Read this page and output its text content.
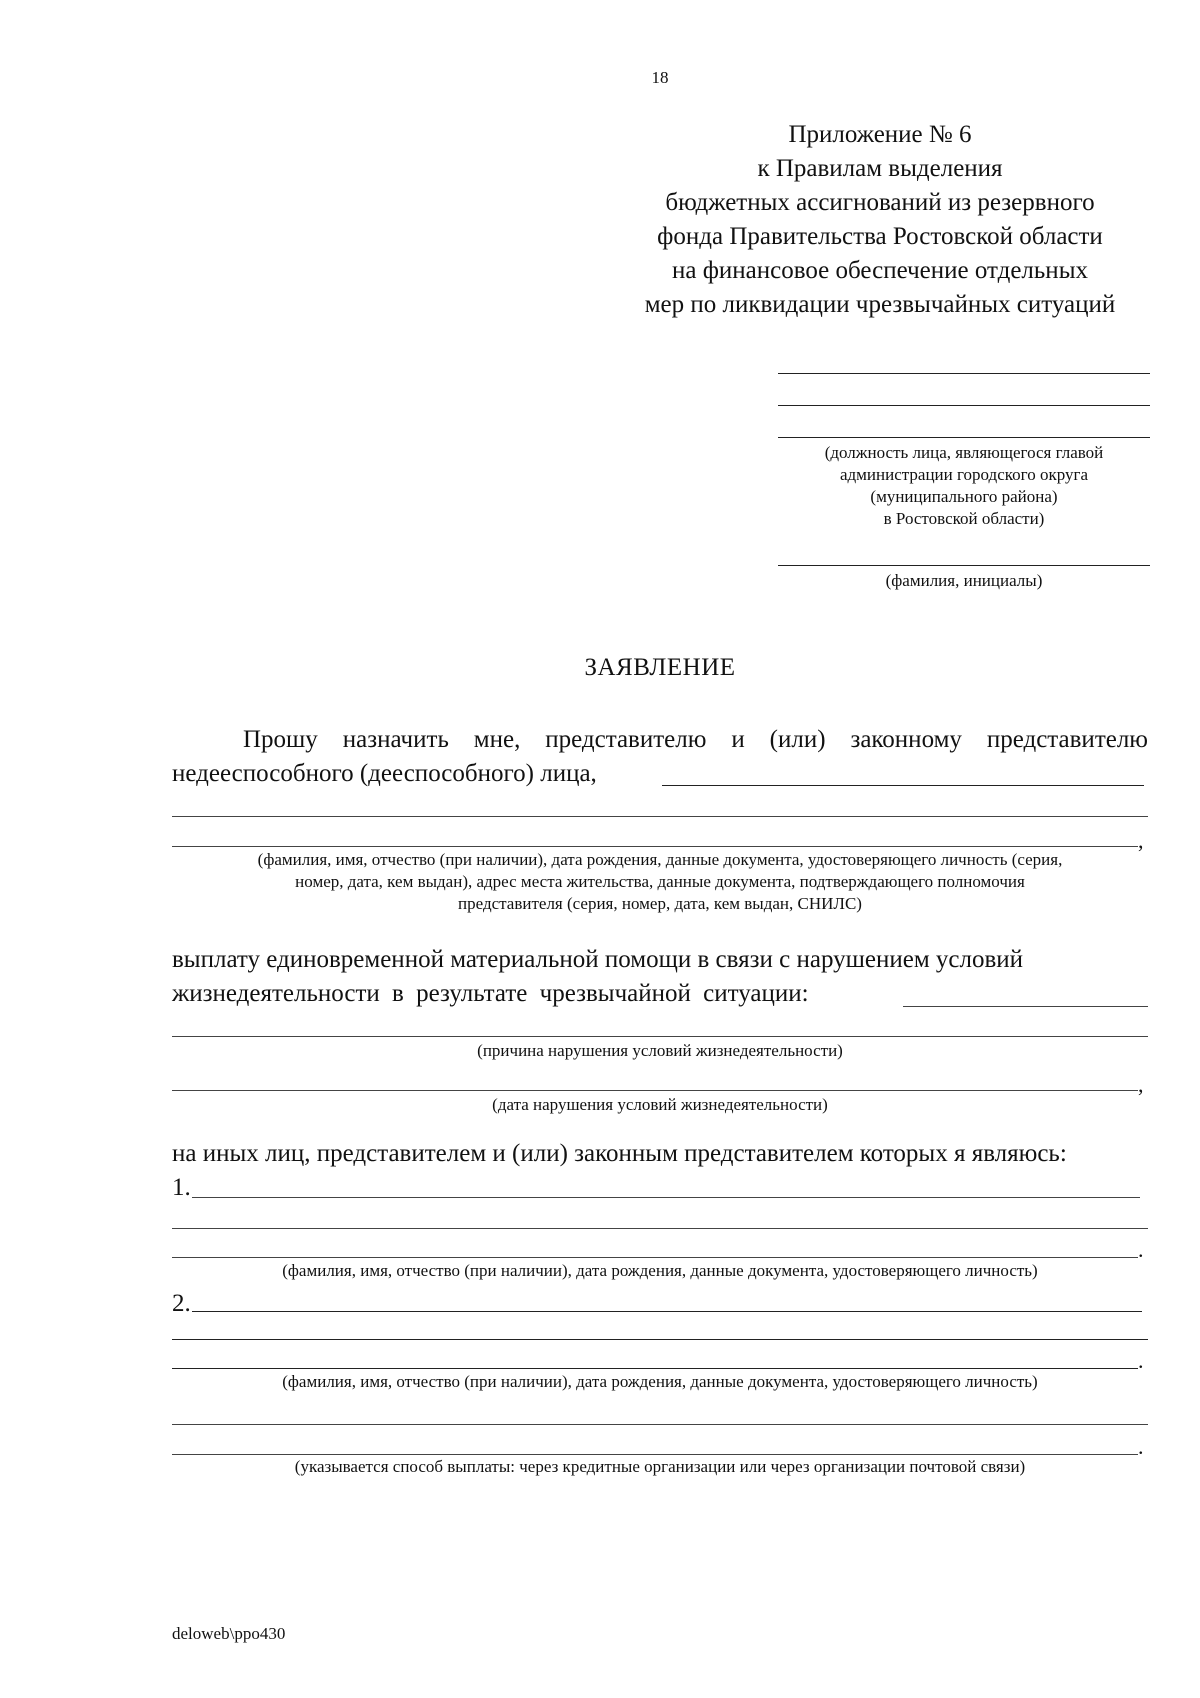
18
Приложение № 6
к Правилам выделения
бюджетных ассигнований из резервного
фонда Правительства Ростовской области
на финансовое обеспечение отдельных
мер по ликвидации чрезвычайных ситуаций
(должность лица, являющегося главой
администрации городского округа
(муниципального района)
в Ростовской области)
(фамилия, инициалы)
ЗАЯВЛЕНИЕ
Прошу назначить мне, представителю и (или) законному представителю
недееспособного (дееспособного) лица,
,
(фамилия, имя, отчество (при наличии), дата рождения, данные документа, удостоверяющего личность (серия,
номер, дата, кем выдан), адрес места жительства, данные документа, подтверждающего полномочия
представителя (серия, номер, дата, кем выдан, СНИЛС)
выплату единовременной материальной помощи в связи с нарушением условий
жизнедеятельности в результате чрезвычайной ситуации:
(причина нарушения условий жизнедеятельности)
,
(дата нарушения условий жизнедеятельности)
на иных лиц, представителем и (или) законным представителем которых я являюсь:
1.
.
(фамилия, имя, отчество (при наличии), дата рождения, данные документа, удостоверяющего личность)
2.
.
(фамилия, имя, отчество (при наличии), дата рождения, данные документа, удостоверяющего личность)
.
(указывается способ выплаты: через кредитные организации или через организации почтовой связи)
deloweb\ppo430
